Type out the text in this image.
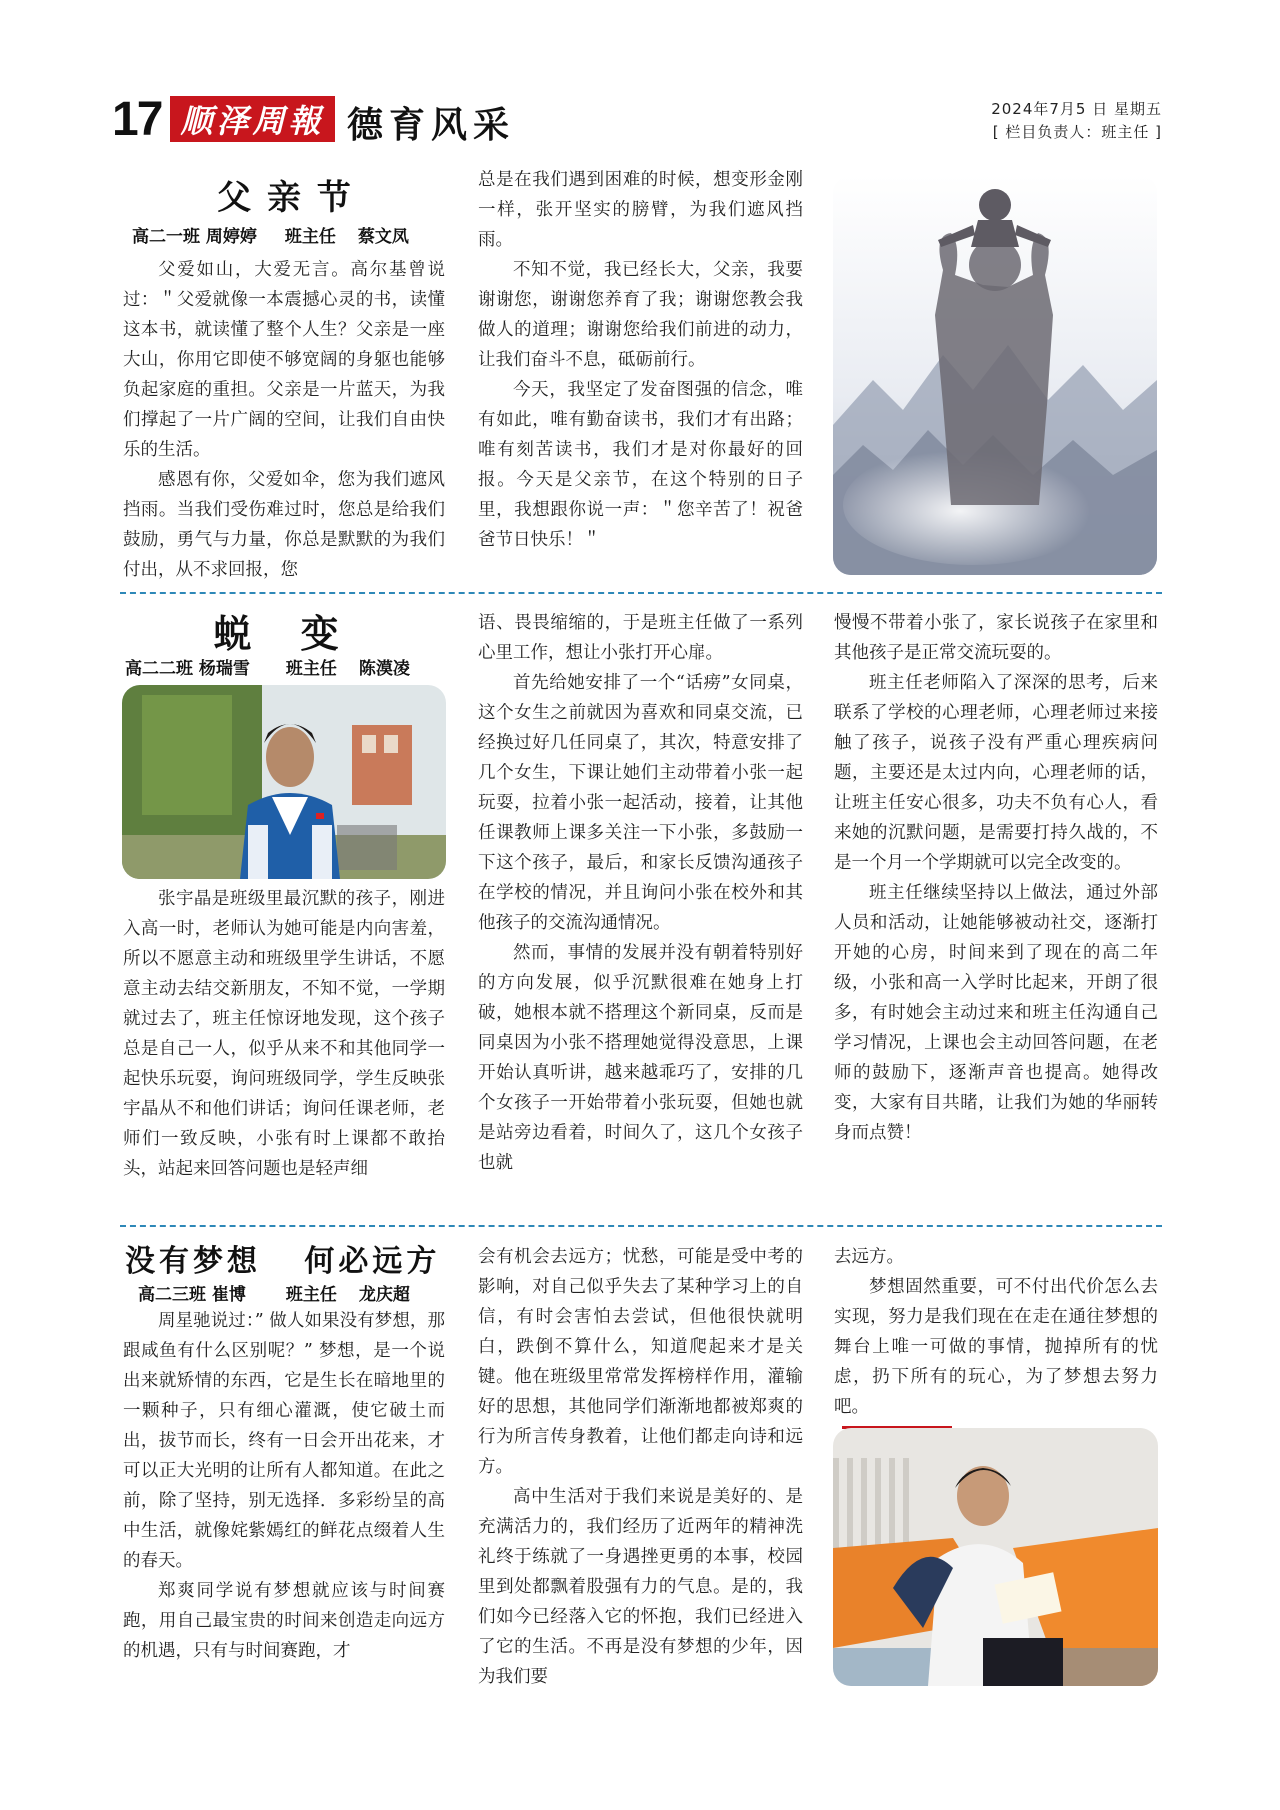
17 顺泽周報 德育风采	2024年7月5 日 星期五
[ 栏目负责人：班主任 ]
父 亲 节
高二一班 周婷婷 班主任 蔡文凤

父爱如山，大爱无言。高尔基曾说过：＂父爱就像一本震撼心灵的书，读懂这本书，就读懂了整个人生？父亲是一座大山，你用它即使不够宽阔的身躯也能够负起家庭的重担。父亲是一片蓝天，为我们撑起了一片广阔的空间，让我们自由快乐的生活。

感恩有你，父爱如伞，您为我们遮风挡雨。当我们受伤难过时，您总是给我们鼓励，勇气与力量，你总是默默的为我们付出，从不求回报，您

总是在我们遇到困难的时候，想变形金刚一样，张开坚实的膀臂，为我们遮风挡雨。

不知不觉，我已经长大，父亲，我要谢谢您，谢谢您养育了我；谢谢您教会我做人的道理；谢谢您给我们前进的动力，让我们奋斗不息，砥砺前行。

今天，我坚定了发奋图强的信念，唯有如此，唯有勤奋读书，我们才有出路；唯有刻苦读书，我们才是对你最好的回报。今天是父亲节，在这个特别的日子里，我想跟你说一声：＂您辛苦了！祝爸爸节日快乐！＂

蜕 变
高二二班 杨瑞雪 班主任 陈漠凌

张宇晶是班级里最沉默的孩子，刚进入高一时，老师认为她可能是内向害羞，所以不愿意主动和班级里学生讲话，不愿意主动去结交新朋友，不知不觉，一学期就过去了，班主任惊讶地发现，这个孩子总是自己一人，似乎从来不和其他同学一起快乐玩耍，询问班级同学，学生反映张宇晶从不和他们讲话；询问任课老师，老师们一致反映，小张有时上课都不敢抬头，站起来回答问题也是轻声细

语、畏畏缩缩的，于是班主任做了一系列心里工作，想让小张打开心扉。

首先给她安排了一个“话痨”女同桌，这个女生之前就因为喜欢和同桌交流，已经换过好几任同桌了，其次，特意安排了几个女生，下课让她们主动带着小张一起玩耍，拉着小张一起活动，接着，让其他任课教师上课多关注一下小张，多鼓励一下这个孩子，最后，和家长反馈沟通孩子在学校的情况，并且询问小张在校外和其他孩子的交流沟通情况。

然而，事情的发展并没有朝着特别好的方向发展，似乎沉默很难在她身上打破，她根本就不搭理这个新同桌，反而是同桌因为小张不搭理她觉得没意思，上课开始认真听讲，越来越乖巧了，安排的几个女孩子一开始带着小张玩耍，但她也就是站旁边看着，时间久了，这几个女孩子也就

慢慢不带着小张了，家长说孩子在家里和其他孩子是正常交流玩耍的。

班主任老师陷入了深深的思考，后来联系了学校的心理老师，心理老师过来接触了孩子，说孩子没有严重心理疾病问题，主要还是太过内向，心理老师的话，让班主任安心很多，功夫不负有心人，看来她的沉默问题，是需要打持久战的，不是一个月一个学期就可以完全改变的。

班主任继续坚持以上做法，通过外部人员和活动，让她能够被动社交，逐渐打开她的心房，时间来到了现在的高二年级，小张和高一入学时比起来，开朗了很多，有时她会主动过来和班主任沟通自己学习情况，上课也会主动回答问题，在老师的鼓励下，逐渐声音也提高。她得改变，大家有目共睹，让我们为她的华丽转身而点赞！

没有梦想   何必远方
高二三班 崔博 班主任 龙庆超

周星驰说过：” 做人如果没有梦想，那跟咸鱼有什么区别呢？” 梦想，是一个说出来就矫情的东西，它是生长在暗地里的一颗种子，只有细心灌溉，使它破土而出，拔节而长，终有一日会开出花来，才可以正大光明的让所有人都知道。在此之前，除了坚持，别无选择．多彩纷呈的高中生活，就像姹紫嫣红的鲜花点缀着人生的春天。

郑爽同学说有梦想就应该与时间赛跑，用自己最宝贵的时间来创造走向远方的机遇，只有与时间赛跑，才

会有机会去远方；忧愁，可能是受中考的影响，对自己似乎失去了某种学习上的自信，有时会害怕去尝试，但他很快就明白，跌倒不算什么，知道爬起来才是关键。他在班级里常常发挥榜样作用，灌输好的思想，其他同学们渐渐地都被郑爽的行为所言传身教着，让他们都走向诗和远方。

高中生活对于我们来说是美好的、是充满活力的，我们经历了近两年的精神洗礼终于练就了一身遇挫更勇的本事，校园里到处都飘着股强有力的气息。是的，我们如今已经落入它的怀抱，我们已经进入了它的生活。不再是没有梦想的少年，因为我们要

去远方。

梦想固然重要，可不付出代价怎么去实现，努力是我们现在在走在通往梦想的舞台上唯一可做的事情，抛掉所有的忧虑，扔下所有的玩心，为了梦想去努力吧。
